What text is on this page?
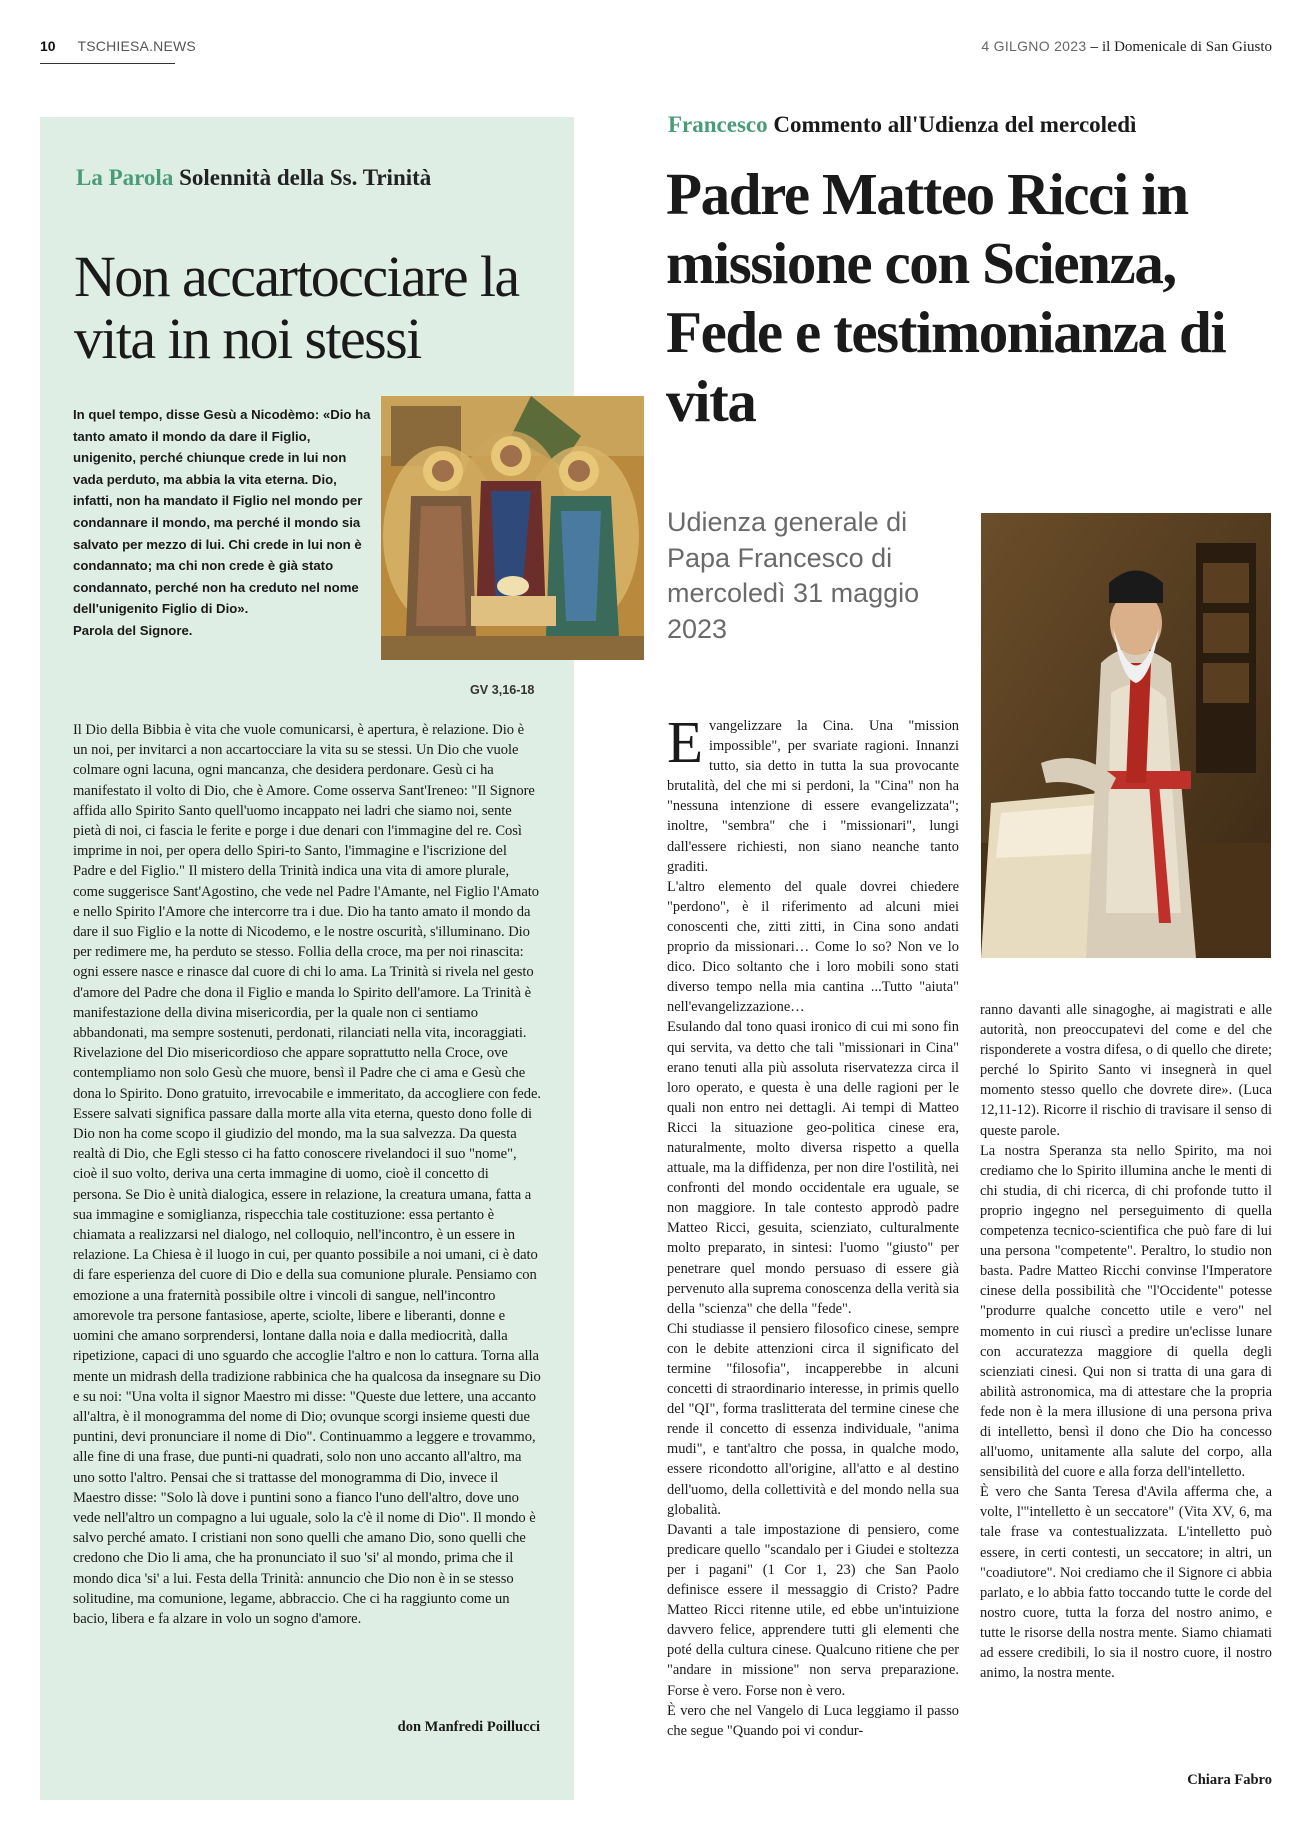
10 TSCHIESA.NEWS	4 GILGNO 2023 – il Domenicale di San Giusto
La Parola Solennità della Ss. Trinità
Non accartocciare la vita in noi stessi
In quel tempo, disse Gesù a Nicodèmo: «Dio ha tanto amato il mondo da dare il Figlio, unigenito, perché chiunque crede in lui non vada perduto, ma abbia la vita eterna. Dio, infatti, non ha mandato il Figlio nel mondo per condannare il mondo, ma perché il mondo sia salvato per mezzo di lui. Chi crede in lui non è condannato; ma chi non crede è già stato condannato, perché non ha creduto nel nome dell'unigenito Figlio di Dio».
Parola del Signore.
GV 3,16-18
Il Dio della Bibbia è vita che vuole comunicarsi, è apertura, è relazione. Dio è un noi, per invitarci a non accartocciare la vita su se stessi. Un Dio che vuole colmare ogni lacuna, ogni mancanza, che desidera perdonare. Gesù ci ha manifestato il volto di Dio, che è Amore. Come osserva Sant'Ireneo: "Il Signore affida allo Spirito Santo quell'uomo incappato nei ladri che siamo noi, sente pietà di noi, ci fascia le ferite e porge i due denari con l'immagine del re. Così imprime in noi, per opera dello Spiri-to Santo, l'immagine e l'iscrizione del Padre e del Figlio." Il mistero della Trinità indica una vita di amore plurale, come suggerisce Sant'Agostino, che vede nel Padre l'Amante, nel Figlio l'Amato e nello Spirito l'Amore che intercorre tra i due. Dio ha tanto amato il mondo da dare il suo Figlio e la notte di Nicodemo, e le nostre oscurità, s'illuminano. Dio per redimere me, ha perduto se stesso. Follia della croce, ma per noi rinascita: ogni essere nasce e rinasce dal cuore di chi lo ama. La Trinità si rivela nel gesto d'amore del Padre che dona il Figlio e manda lo Spirito dell'amore. La Trinità è manifestazione della divina misericordia, per la quale non ci sentiamo abbandonati, ma sempre sostenuti, perdonati, rilanciati nella vita, incoraggiati. Rivelazione del Dio misericordioso che appare soprattutto nella Croce, ove contempliamo non solo Gesù che muore, bensì il Padre che ci ama e Gesù che dona lo Spirito. Dono gratuito, irrevocabile e immeritato, da accogliere con fede. Essere salvati significa passare dalla morte alla vita eterna, questo dono folle di Dio non ha come scopo il giudizio del mondo, ma la sua salvezza. Da questa realtà di Dio, che Egli stesso ci ha fatto conoscere rivelandoci il suo "nome", cioè il suo volto, deriva una certa immagine di uomo, cioè il concetto di persona. Se Dio è unità dialogica, essere in relazione, la creatura umana, fatta a sua immagine e somiglianza, rispecchia tale costituzione: essa pertanto è chiamata a realizzarsi nel dialogo, nel colloquio, nell'incontro, è un essere in relazione. La Chiesa è il luogo in cui, per quanto possibile a noi umani, ci è dato di fare esperienza del cuore di Dio e della sua comunione plurale. Pensiamo con emozione a una fraternità possibile oltre i vincoli di sangue, nell'incontro amorevole tra persone fantasiose, aperte, sciolte, libere e liberanti, donne e uomini che amano sorprendersi, lontane dalla noia e dalla mediocrità, dalla ripetizione, capaci di uno sguardo che accoglie l'altro e non lo cattura. Torna alla mente un midrash della tradizione rabbinica che ha qualcosa da insegnare su Dio e su noi: "Una volta il signor Maestro mi disse: "Queste due lettere, una accanto all'altra, è il monogramma del nome di Dio; ovunque scorgi insieme questi due puntini, devi pronunciare il nome di Dio". Continuammo a leggere e trovammo, alle fine di una frase, due punti-ni quadrati, solo non uno accanto all'altro, ma uno sotto l'altro. Pensai che si trattasse del monogramma di Dio, invece il Maestro disse: "Solo là dove i puntini sono a fianco l'uno dell'altro, dove uno vede nell'altro un compagno a lui uguale, solo la c'è il nome di Dio". Il mondo è salvo perché amato. I cristiani non sono quelli che amano Dio, sono quelli che credono che Dio li ama, che ha pronunciato il suo 'si' al mondo, prima che il mondo dica 'si' a lui. Festa della Trinità: annuncio che Dio non è in se stesso solitudine, ma comunione, legame, abbraccio. Che ci ha raggiunto come un bacio, libera e fa alzare in volo un sogno d'amore.
don Manfredi Poillucci
Francesco Commento all'Udienza del mercoledì
Padre Matteo Ricci in missione con Scienza, Fede e testimonianza di vita
Udienza generale di Papa Francesco di mercoledì 31 maggio 2023

Evangelizzare la Cina. Una "mission impossible", per svariate ragioni. Innanzi tutto, sia detto in tutta la sua provocante brutalità, del che mi si perdoni, la "Cina" non ha "nessuna intenzione di essere evangelizzata"; inoltre, "sembra" che i "missionari", lungi dall'essere richiesti, non siano neanche tanto graditi.

L'altro elemento del quale dovrei chiedere "perdono", è il riferimento ad alcuni miei conoscenti che, zitti zitti, in Cina sono andati proprio da missionari… Come lo so? Non ve lo dico. Dico soltanto che i loro mobili sono stati diverso tempo nella mia cantina ...Tutto "aiuta" nell'evangelizzazione…

Esulando dal tono quasi ironico di cui mi sono fin qui servita, va detto che tali "missionari in Cina" erano tenuti alla più assoluta riservatezza circa il loro operato, e questa è una delle ragioni per le quali non entro nei dettagli. Ai tempi di Matteo Ricci la situazione geo-politica cinese era, naturalmente, molto diversa rispetto a quella attuale, ma la diffidenza, per non dire l'ostilità, nei confronti del mondo occidentale era uguale, se non maggiore. In tale contesto approdò padre Matteo Ricci, gesuita, scienziato, culturalmente molto preparato, in sintesi: l'uomo "giusto" per penetrare quel mondo persuaso di essere già pervenuto alla suprema conoscenza della verità sia della "scienza" che della "fede".

Chi studiasse il pensiero filosofico cinese, sempre con le debite attenzioni circa il significato del termine "filosofia", incapperebbe in alcuni concetti di straordinario interesse, in primis quello del "QI", forma traslitterata del termine cinese che rende il concetto di essenza individuale, "anima mudi", e tant'altro che possa, in qualche modo, essere ricondotto all'origine, all'atto e al destino dell'uomo, della collettività e del mondo nella sua globalità.

Davanti a tale impostazione di pensiero, come predicare quello "scandalo per i Giudei e stoltezza per i pagani" (1 Cor 1, 23) che San Paolo definisce essere il messaggio di Cristo? Padre Matteo Ricci ritenne utile, ed ebbe un'intuizione davvero felice, apprendere tutti gli elementi che poté della cultura cinese. Qualcuno ritiene che per "andare in missione" non serva preparazione. Forse è vero. Forse non è vero.

È vero che nel Vangelo di Luca leggiamo il passo che segue "Quando poi vi condur-

ranno davanti alle sinagoghe, ai magistrati e alle autorità, non preoccupatevi del come e del che risponderete a vostra difesa, o di quello che direte; perché lo Spirito Santo vi insegnerà in quel momento stesso quello che dovrete dire». (Luca 12,11-12). Ricorre il rischio di travisare il senso di queste parole.

La nostra Speranza sta nello Spirito, ma noi crediamo che lo Spirito illumina anche le menti di chi studia, di chi ricerca, di chi profonde tutto il proprio ingegno nel perseguimento di quella competenza tecnico-scientifica che può fare di lui una persona "competente". Peraltro, lo studio non basta. Padre Matteo Ricchi convinse l'Imperatore cinese della possibilità che "l'Occidente" potesse "produrre qualche concetto utile e vero" nel momento in cui riuscì a predire un'eclisse lunare con accuratezza maggiore di quella degli scienziati cinesi. Qui non si tratta di una gara di abilità astronomica, ma di attestare che la propria fede non è la mera illusione di una persona priva di intelletto, bensì il dono che Dio ha concesso all'uomo, unitamente alla salute del corpo, alla sensibilità del cuore e alla forza dell'intelletto.

È vero che Santa Teresa d'Avila afferma che, a volte, l'"intelletto è un seccatore" (Vita XV, 6, ma tale frase va contestualizzata. L'intelletto può essere, in certi contesti, un seccatore; in altri, un "coadiutore". Noi crediamo che il Signore ci abbia parlato, e lo abbia fatto toccando tutte le corde del nostro cuore, tutta la forza del nostro animo, e tutte le risorse della nostra mente. Siamo chiamati ad essere credibili, lo sia il nostro cuore, il nostro animo, la nostra mente.

Chiara Fabro
